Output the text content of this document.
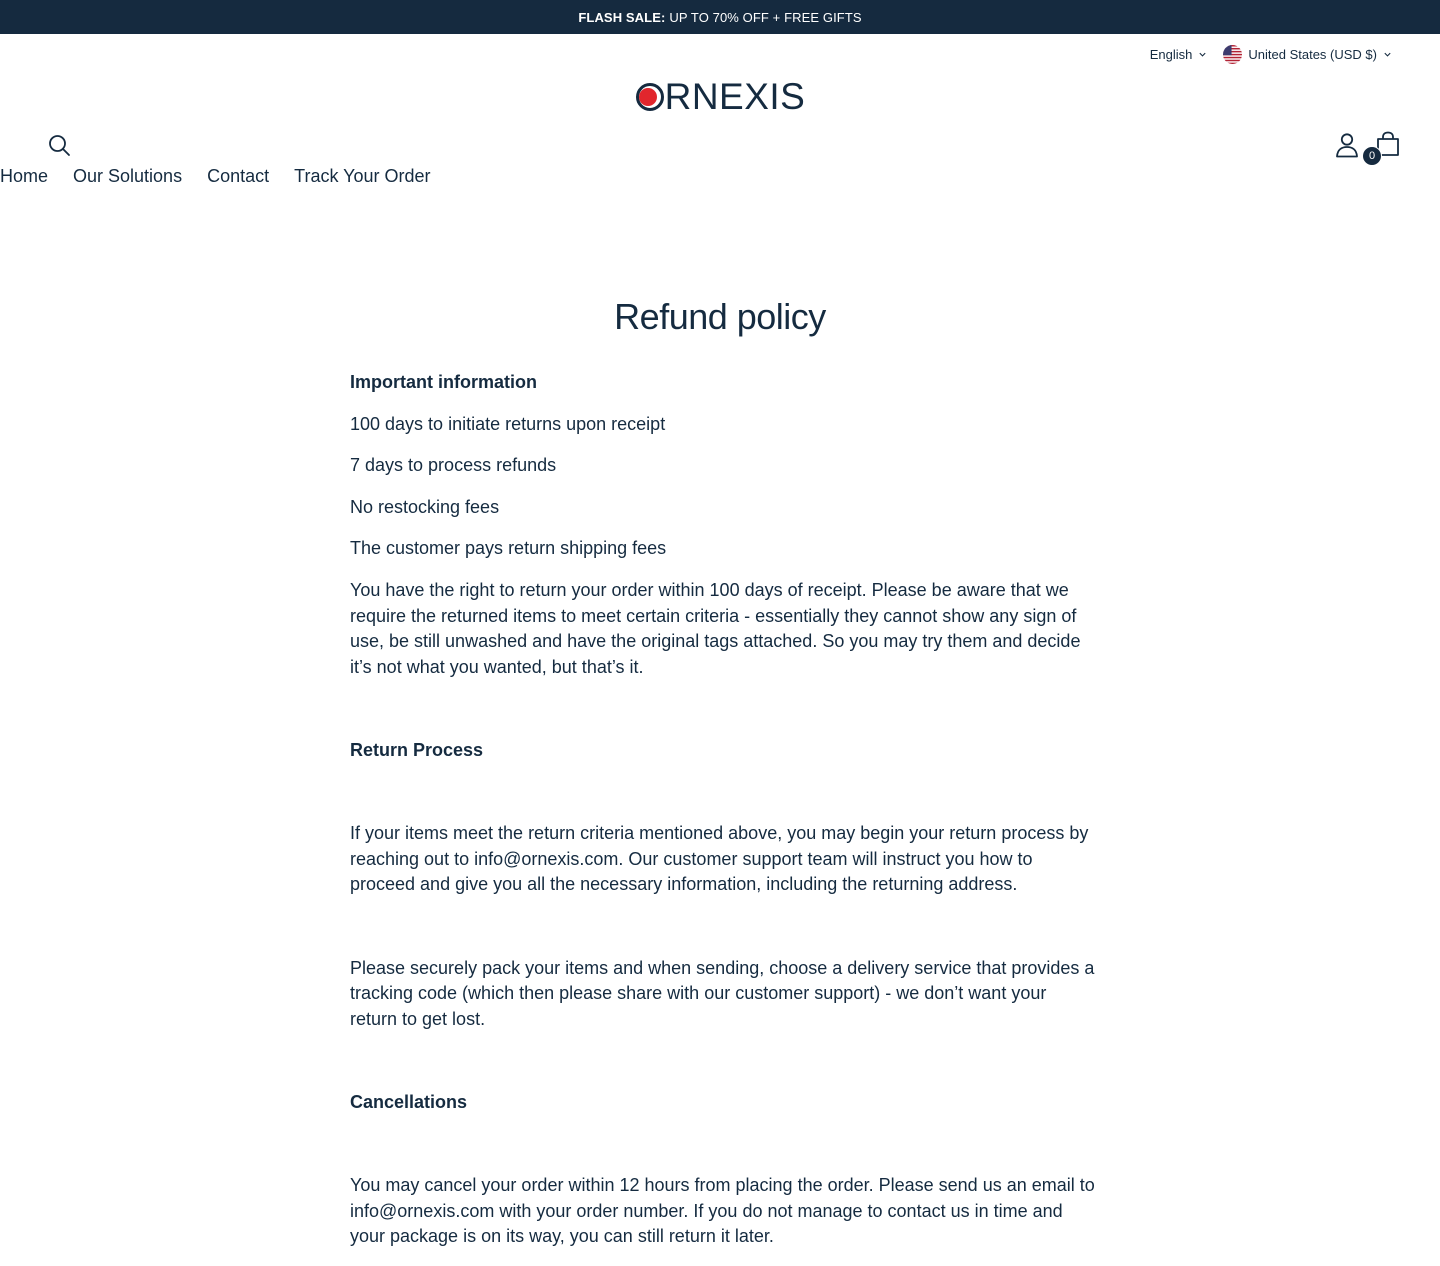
FLASH SALE: UP TO 70% OFF + FREE GIFTS
English	United States (USD $)
RNEXIS
0
Home Our Solutions Contact Track Your Order
Refund policy

Important information

100 days to initiate returns upon receipt

7 days to process refunds

No restocking fees

The customer pays return shipping fees

You have the right to return your order within 100 days of receipt. Please be aware that we require the returned items to meet certain criteria - essentially they cannot show any sign of use, be still unwashed and have the original tags attached. So you may try them and decide it’s not what you wanted, but that’s it.

Return Process

If your items meet the return criteria mentioned above, you may begin your return process by reaching out to info@ornexis.com. Our customer support team will instruct you how to proceed and give you all the necessary information, including the returning address.

Please securely pack your items and when sending, choose a delivery service that provides a tracking code (which then please share with our customer support) - we don’t want your return to get lost.

Cancellations

You may cancel your order within 12 hours from placing the order. Please send us an email to info@ornexis.com with your order number. If you do not manage to contact us in time and your package is on its way, you can still return it later.
